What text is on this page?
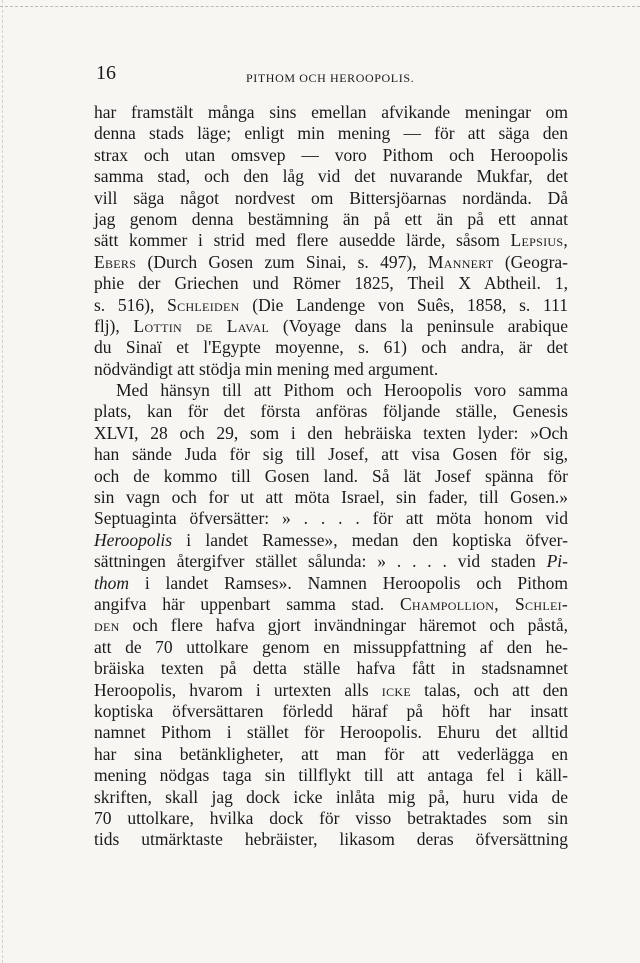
16	PITHOM OCH HEROOPOLIS.
har framstält många sins emellan afvikande meningar om
denna stads läge; enligt min mening — för att säga den
strax och utan omsvep — voro Pithom och Heroopolis
samma stad, och den låg vid det nuvarande Mukfar, det
vill säga något nordvest om Bittersjöarnas nordända. Då
jag genom denna bestämning än på ett än på ett annat
sätt kommer i strid med flere ausedde lärde, såsom Lepsius,
Ebers (Durch Gosen zum Sinai, s. 497), Mannert (Geogra-
phie der Griechen und Römer 1825, Theil X Abtheil. 1,
s. 516), Schleiden (Die Landenge von Suês, 1858, s. 111
flj), Lottin de Laval (Voyage dans la peninsule arabique
du Sinaï et l'Egypte moyenne, s. 61) och andra, är det
nödvändigt att stödja min mening med argument.
Med hänsyn till att Pithom och Heroopolis voro samma
plats, kan för det första anföras följande ställe, Genesis
XLVI, 28 och 29, som i den hebräiska texten lyder: »Och
han sände Juda för sig till Josef, att visa Gosen för sig,
och de kommo till Gosen land. Så lät Josef spänna för
sin vagn och for ut att möta Israel, sin fader, till Gosen.»
Septuaginta öfversätter: » . . . . för att möta honom vid
Heroopolis i landet Ramesse», medan den koptiska öfver-
sättningen återgifver stället sålunda: » . . . . vid staden Pi-
thom i landet Ramses». Namnen Heroopolis och Pithom
angifva här uppenbart samma stad. Champollion, Schlei-
den och flere hafva gjort invändningar häremot och påstå,
att de 70 uttolkare genom en missuppfattning af den he-
bräiska texten på detta ställe hafva fått in stadsnamnet
Heroopolis, hvarom i urtexten alls icke talas, och att den
koptiska öfversättaren förledd häraf på höft har insatt
namnet Pithom i stället för Heroopolis. Ehuru det alltid
har sina betänkligheter, att man för att vederlägga en
mening nödgas taga sin tillflykt till att antaga fel i käll-
skriften, skall jag dock icke inlåta mig på, huru vida de
70 uttolkare, hvilka dock för visso betraktades som sin
tids utmärktaste hebräister, likasom deras öfversättning
